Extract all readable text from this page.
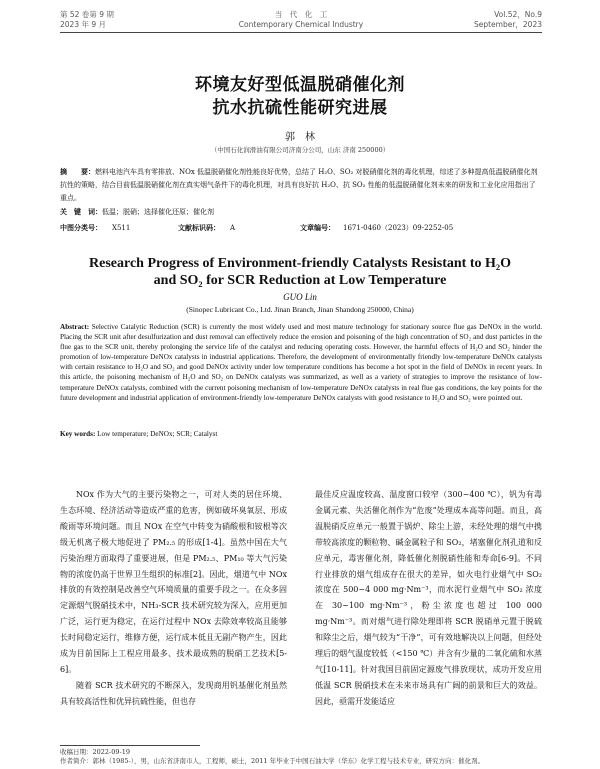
第 52 卷第 9 期
2023 年 9 月
当　代　化　工
Contemporary Chemical Industry
Vol.52，No.9
September，2023
环境友好型低温脱硝催化剂
抗水抗硫性能研究进展
郭　林
（中国石化润滑油有限公司济南分公司，山东 济南 250000）
摘　　要：燃料电池汽车具有零排放、NOx 低温脱硝催化剂性能良好优势，总结了 H₂O、SO₂ 对脱硝催化剂的毒化机理，综述了多种提高低温脱硝催化剂抗性的策略，结合目前低温脱硝催化剂在真实烟气条件下的毒化机理，对具有良好抗 H₂O、抗 SO₂ 性能的低温脱硝催化剂未来的研发和工业化应用指出了重点。
关　键　词：低温；脱硝；选择催化还原；催化剂
中图分类号： X511	文献标识码： A	文章编号： 1671-0460（2023）09-2252-05
Research Progress of Environment-friendly Catalysts Resistant to H₂O
and SO₂ for SCR Reduction at Low Temperature
GUO Lin
(Sinopec Lubricant Co., Ltd. Jinan Branch, Jinan Shandong 250000, China)
Abstract: Selective Catalytic Reduction (SCR) is currently the most widely used and most mature technology for stationary source flue gas DeNOx in the world. Placing the SCR unit after desulfurization and dust removal can effectively reduce the erosion and poisoning of the high concentration of SO₂ and dust particles in the flue gas to the SCR unit, thereby prolonging the service life of the catalyst and reducing operating costs. However, the harmful effects of H₂O and SO₂ hinder the promotion of low-temperature DeNOx catalysts in industrial applications. Therefore, the development of environmentally friendly low-temperature DeNOx catalysts with certain resistance to H₂O and SO₂ and good DeNOx activity under low temperature conditions has become a hot spot in the field of DeNOx in recent years. In this article, the poisoning mechanism of H₂O and SO₂ on DeNOx catalysts was summarized, as well as a variety of strategies to improve the resistance of low-temperature DeNOx catalysts, combined with the current poisoning mechanism of low-temperature DeNOx catalysts in real flue gas conditions, the key points for the future development and industrial application of environment-friendly low-temperature DeNOx catalysts with good resistance to H₂O and SO₂ were pointed out.
Key words: Low temperature; DeNOx; SCR; Catalyst

NOx 作为大气的主要污染物之一，可对人类的居住环境、生态环境、经济活动等造成严重的危害，例如破坏臭氧层、形成酸雨等环境问题。而且 NOx 在空气中转变为硝酸根和铵根等次级无机离子极大地促进了 PM₂.₅ 的形成[1-4]。虽然中国在大气污染治理方面取得了重要进展，但是 PM₂.₅、PM₁₀ 等大气污染物的浓度仍高于世界卫生组织的标准[2]。因此，烟道气中 NOx 排放的有效控制是改善空气环境质量的重要手段之一。在众多固定源烟气脱硝技术中，NH₃-SCR 技术研究较为深入，应用更加广泛，运行更为稳定，在运行过程中 NOx 去除效率较高且能够长时间稳定运行，维修方便，运行成本低且无副产物产生，因此成为目前国际上工程应用最多、技术最成熟的脱硝工艺技术[5-6]。

随着 SCR 技术研究的不断深入，发现商用钒基催化剂虽然具有较高活性和优异抗硫性能，但也存

最佳反应温度较高、温度窗口较窄（300~400 ℃），钒为有毒金属元素、失活催化剂作为“危废”处理成本高等问题。而且，高温脱硝反应单元一般置于锅炉、除尘上游，未经处理的烟气中携带较高浓度的颗粒物、碱金属粒子和 SO₂，堵塞催化剂孔道和反应单元，毒害催化剂，降低催化剂脱硝性能和寿命[6-9]。不同行业排放的烟气组成存在很大的差异，如火电行业烟气中 SO₂ 浓度在 500~4 000 mg·Nm⁻³，而水泥行业烟气中 SO₂ 浓度在 30~100 mg·Nm⁻³，粉尘浓度也超过 100 000 mg·Nm⁻³。而对烟气进行除处理即将 SCR 脱硝单元置于脱硫和除尘之后，烟气较为“干净”，可有效地解决以上问题，但经处理后的烟气温度较低（<150 ℃）并含有少量的二氧化硫和水蒸气[10-11]。针对我国目前固定源废气排放现状，成功开发应用低温 SCR 脱硝技术在未来市场具有广阔的前景和巨大的效益。因此，亟需开发能适应

收稿日期：2022-09-19
作者简介：郭林（1985-），男，山东省济南市人，工程师，硕士，2011 年毕业于中国石油大学（华东）化学工程与技术专业，研究方向：催化剂。
